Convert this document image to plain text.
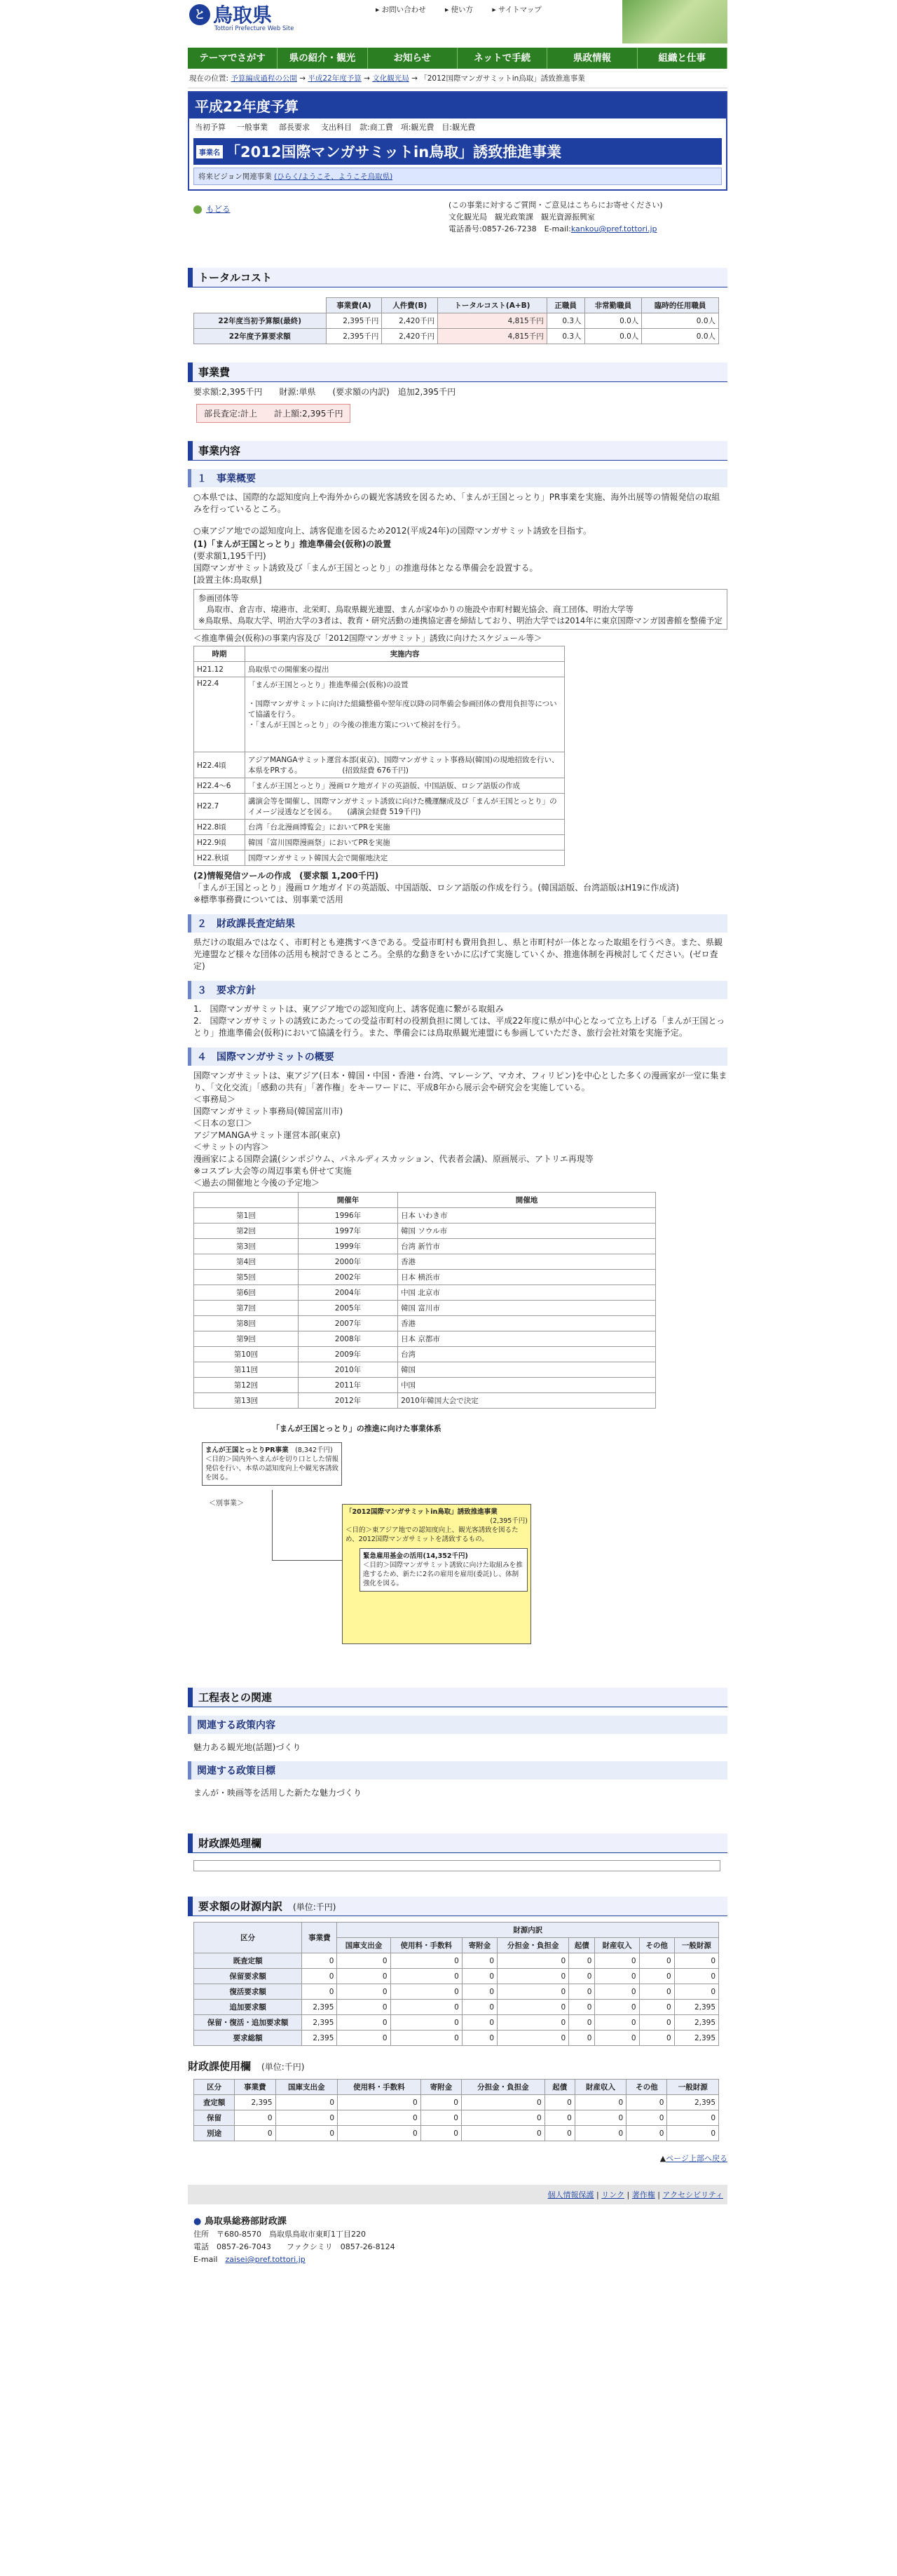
と 鳥取県
Tottori Prefecture Web Site
▸ お問い合わせ	▸ 使い方	▸ サイトマップ
テーマでさがす	県の紹介・観光	お知らせ	ネットで手続	県政情報	組織と仕事
現在の位置: 予算編成過程の公開 → 平成22年度予算 → 文化観光局 → 「2012国際マンガサミットin鳥取」誘致推進事業
平成22年度予算
当初予算 一般事業 部長要求 支出科目　款:商工費　項:観光費　目:観光費
事業名 「2012国際マンガサミットin鳥取」誘致推進事業
将来ビジョン関連事業 (ひらく/ようこそ、ようこそ鳥取県)
もどる	(この事業に対するご質問・ご意見はこちらにお寄せください)
文化観光局　観光政策課　観光資源振興室
電話番号:0857-26-7238　 E-mail:kankou@pref.tottori.jp
トータルコスト
	事業費(A)	人件費(B)	トータルコスト(A+B)	正職員	非常勤職員	臨時的任用職員
22年度当初予算額(最終)	2,395千円	2,420千円	4,815千円	0.3人	0.0人	0.0人
22年度予算要求額	2,395千円	2,420千円	4,815千円	0.3人	0.0人	0.0人
事業費
要求額:2,395千円　　財源:単県　　(要求額の内訳)　追加2,395千円
部長査定:計上　　計上額:2,395千円
事業内容
１　事業概要
○本県では、国際的な認知度向上や海外からの観光客誘致を図るため、「まんが王国とっとり」PR事業を実施、海外出展等の情報発信の取組みを行っているところ。
○東アジア地での認知度向上、誘客促進を図るため2012(平成24年)の国際マンガサミット誘致を目指す。
(1)「まんが王国とっとり」推進準備会(仮称)の設置
(要求額1,195千円)
国際マンガサミット誘致及び「まんが王国とっとり」の推進母体となる準備会を設置する。
[設置主体:鳥取県]
参画団体等
　鳥取市、倉吉市、境港市、北栄町、鳥取県観光連盟、まんが家ゆかりの施設や市町村観光協会、商工団体、明治大学等
※鳥取県、鳥取大学、明治大学の3者は、教育・研究活動の連携協定書を締結しており、明治大学では2014年に東京国際マンガ図書館を整備予定
＜推進準備会(仮称)の事業内容及び「2012国際マンガサミット」誘致に向けたスケジュール等＞
時期	実施内容
H21.12	鳥取県での開催案の提出
H22.4	「まんが王国とっとり」推進準備会(仮称)の設置

・国際マンガサミットに向けた組織整備や翌年度以降の同準備会参画団体の費用負担等について協議を行う。
・「まんが王国とっとり」の今後の推進方策について検討を行う。
H22.4頃	アジアMANGAサミット運営本部(東京)、国際マンガサミット事務局(韓国)の現地招致を行い、本県をPRする。　　　　　　(招致経費 676千円)
H22.4〜6	「まんが王国とっとり」漫画ロケ地ガイドの英語版、中国語版、ロシア語版の作成
H22.7	講演会等を開催し、国際マンガサミット誘致に向けた機運醸成及び「まんが王国とっとり」のイメージ浸透などを図る。　　(講演会経費 519千円)
H22.8頃	台湾「台北漫画博覧会」においてPRを実施
H22.9頃	韓国「富川国際漫画祭」においてPRを実施
H22.秋頃	国際マンガサミット韓国大会で開催地決定
(2)情報発信ツールの作成　(要求額 1,200千円)
「まんが王国とっとり」漫画ロケ地ガイドの英語版、中国語版、ロシア語版の作成を行う。(韓国語版、台湾語版はH19に作成済)
※標準事務費については、別事業で活用
２　財政課長査定結果
県だけの取組みではなく、市町村とも連携すべきである。受益市町村も費用負担し、県と市町村が一体となった取組を行うべき。また、県観光連盟など様々な団体の活用も検討できるところ。全県的な動きをいかに広げて実施していくか、推進体制を再検討してください。(ゼロ査定)
３　要求方針
1.　国際マンガサミットは、東アジア地での認知度向上、誘客促進に繋がる取組み
2.　国際マンガサミットの誘致にあたっての受益市町村の役割負担に関しては、平成22年度に県が中心となって立ち上げる「まんが王国とっとり」推進準備会(仮称)において協議を行う。また、準備会には鳥取県観光連盟にも参画していただき、旅行会社対策を実施予定。
４　国際マンガサミットの概要
国際マンガサミットは、東アジア(日本・韓国・中国・香港・台湾、マレーシア、マカオ、フィリピン)を中心とした多くの漫画家が一堂に集まり、「文化交流」「感動の共有」「著作権」をキーワードに、平成8年から展示会や研究会を実施している。
＜事務局＞
国際マンガサミット事務局(韓国富川市)
＜日本の窓口＞
アジアMANGAサミット運営本部(東京)
＜サミットの内容＞
漫画家による国際会議(シンポジウム、パネルディスカッション、代表者会議)、原画展示、アトリエ再現等
※コスプレ大会等の周辺事業も併せて実施
＜過去の開催地と今後の予定地＞
	開催年	開催地
第1回	1996年	日本 いわき市
第2回	1997年	韓国 ソウル市
第3回	1999年	台湾 新竹市
第4回	2000年	香港
第5回	2002年	日本 横浜市
第6回	2004年	中国 北京市
第7回	2005年	韓国 富川市
第8回	2007年	香港
第9回	2008年	日本 京都市
第10回	2009年	台湾
第11回	2010年	韓国
第12回	2011年	中国
第13回	2012年	2010年韓国大会で決定
「まんが王国とっとり」の推進に向けた事業体系
まんが王国とっとりPR事業　 (8,342千円)
＜目的＞国内外へまんがを切り口とした情報発信を行い、本県の認知度向上や観光客誘致を図る。
＜別事業＞
「2012国際マンガサミットin鳥取」誘致推進事業

(2,395千円)
＜目的＞東アジア地での認知度向上、観光客誘致を図るため、2012国際マンガサミットを誘致するもの。
緊急雇用基金の活用(14,352千円)
＜目的＞国際マンガサミット誘致に向けた取組みを推進するため、新たに2名の雇用を雇用(委託)し、体制強化を図る。
工程表との関連
関連する政策内容
魅力ある観光地(話題)づくり
関連する政策目標
まんが・映画等を活用した新たな魅力づくり
財政課処理欄
要求額の財源内訳　 (単位:千円)
区分	事業費	財源内訳							
		国庫支出金	使用料・手数料	寄附金	分担金・負担金	起債	財産収入	その他	一般財源
既査定額	0	0	0	0	0	0	0	0	0
保留要求額	0	0	0	0	0	0	0	0	0
復活要求額	0	0	0	0	0	0	0	0	0
追加要求額	2,395	0	0	0	0	0	0	0	2,395
保留・復活・追加要求額	2,395	0	0	0	0	0	0	0	2,395
要求総額	2,395	0	0	0	0	0	0	0	2,395
財政課使用欄　 (単位:千円)
区分	事業費	国庫支出金	使用料・手数料	寄附金	分担金・負担金	起債	財産収入	その他	一般財源
査定額	2,395	0	0	0	0	0	0	0	2,395
保留	0	0	0	0	0	0	0	0	0
別途	0	0	0	0	0	0	0	0	0
▲ページ上部へ戻る
個人情報保護 | リンク | 著作権 | アクセシビリティ
● 鳥取県総務部財政課
住所　〒680-8570　鳥取県鳥取市東町1丁目220
電話　0857-26-7043　　ファクシミリ　0857-26-8124
E-mail　 zaisei@pref.tottori.jp
